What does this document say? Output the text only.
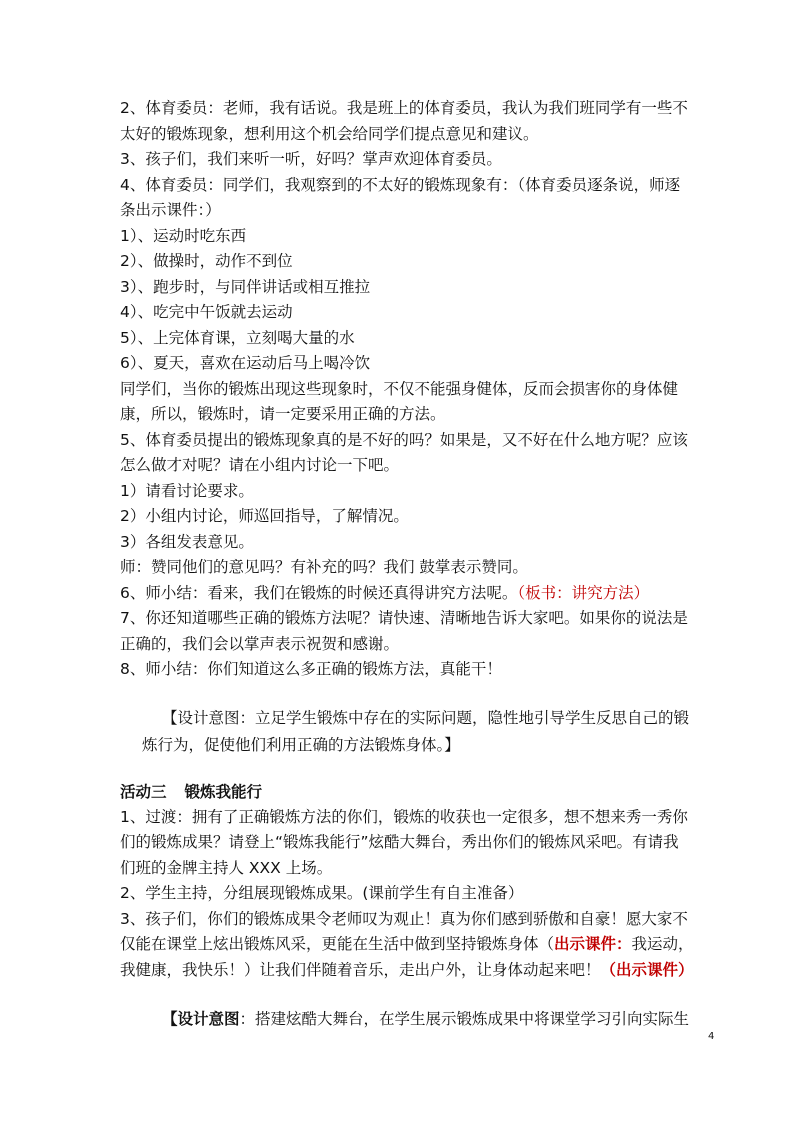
2、体育委员：老师，我有话说。我是班上的体育委员，我认为我们班同学有一些不
太好的锻炼现象，想利用这个机会给同学们提点意见和建议。
3、孩子们，我们来听一听，好吗？掌声欢迎体育委员。
4、体育委员：同学们，我观察到的不太好的锻炼现象有：（体育委员逐条说，师逐
条出示课件：）
1）、运动时吃东西
2）、做操时，动作不到位
3）、跑步时，与同伴讲话或相互推拉
4）、吃完中午饭就去运动
5）、上完体育课，立刻喝大量的水
6）、夏天，喜欢在运动后马上喝冷饮
同学们，当你的锻炼出现这些现象时，不仅不能强身健体，反而会损害你的身体健
康，所以，锻炼时，请一定要采用正确的方法。
5、体育委员提出的锻炼现象真的是不好的吗？如果是，又不好在什么地方呢？应该
怎么做才对呢？请在小组内讨论一下吧。
1）请看讨论要求。
2）小组内讨论，师巡回指导，了解情况。
3）各组发表意见。
师：赞同他们的意见吗？有补充的吗？我们 鼓掌表示赞同。
6、师小结：看来，我们在锻炼的时候还真得讲究方法呢。（板书：讲究方法）
7、你还知道哪些正确的锻炼方法呢？请快速、清晰地告诉大家吧。如果你的说法是
正确的，我们会以掌声表示祝贺和感谢。
8、师小结：你们知道这么多正确的锻炼方法，真能干！
【设计意图：立足学生锻炼中存在的实际问题，隐性地引导学生反思自己的锻
炼行为，促使他们利用正确的方法锻炼身体。】
活动三 锻炼我能行
1、过渡：拥有了正确锻炼方法的你们，锻炼的收获也一定很多，想不想来秀一秀你
们的锻炼成果？请登上“锻炼我能行”炫酷大舞台，秀出你们的锻炼风采吧。有请我
们班的金牌主持人 XXX 上场。
2、学生主持，分组展现锻炼成果。(课前学生有自主准备）
3、孩子们，你们的锻炼成果令老师叹为观止！真为你们感到骄傲和自豪！愿大家不
仅能在课堂上炫出锻炼风采，更能在生活中做到坚持锻炼身体（出示课件：我运动，
我健康，我快乐！）让我们伴随着音乐，走出户外，让身体动起来吧！（出示课件）
【设计意图：搭建炫酷大舞台，在学生展示锻炼成果中将课堂学习引向实际生
4
